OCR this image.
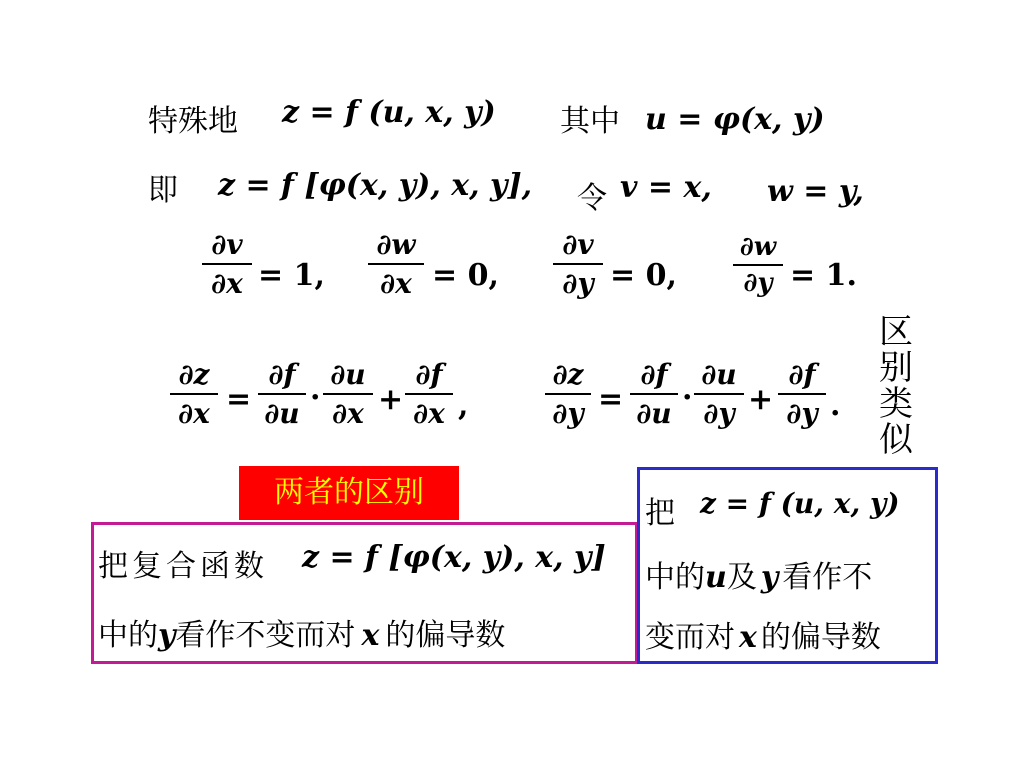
特殊地 z = f (u, x, y) 其中 u = φ(x, y)
即 z = f [φ(x, y), x, y], 令 v = x, w = y,
∂v
∂x = 1,
∂w
∂x = 0,
∂v
∂y = 0,
∂w
∂y = 1.
∂z
∂x =
∂f
∂u ·
∂u
∂x +
∂f
∂x ,
∂z
∂y =
∂f
∂u ·
∂u
∂y +
∂f
∂y .
区
别
类
似
两者的区别
把复合函数 z = f [φ(x, y), x, y]
中的y看作不变而对 x 的偏导数
把 z = f (u, x, y)
中的u及 y 看作不
变而对 x 的偏导数
